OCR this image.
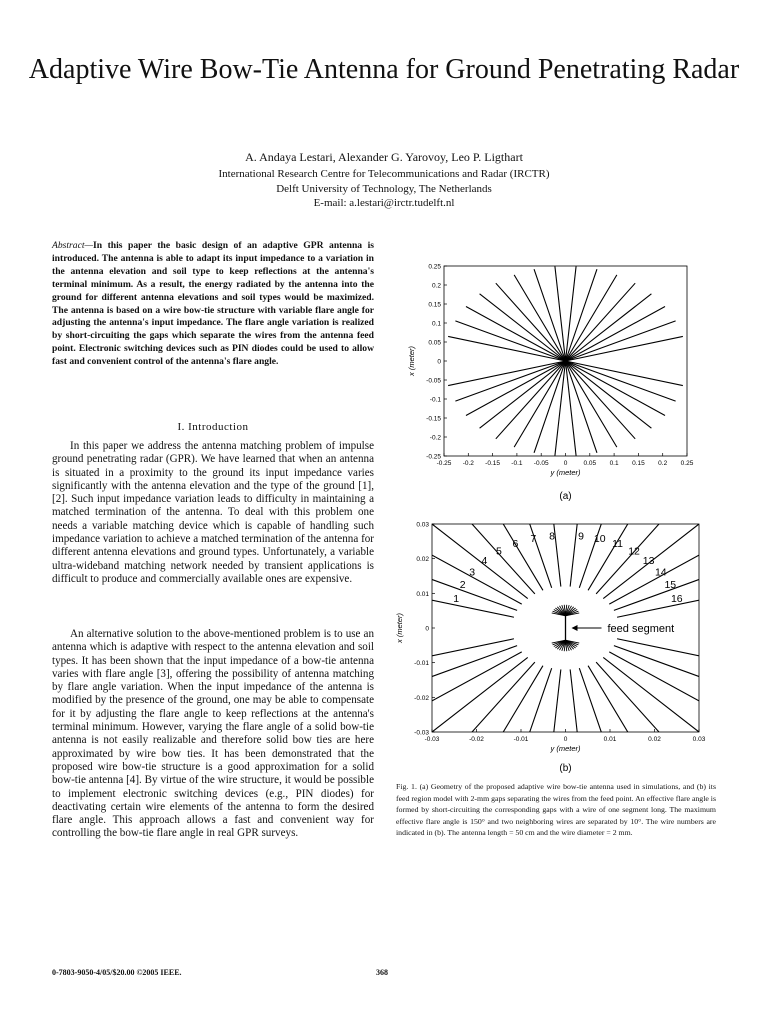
Adaptive Wire Bow-Tie Antenna for Ground Penetrating Radar
A. Andaya Lestari, Alexander G. Yarovoy, Leo P. Ligthart
International Research Centre for Telecommunications and Radar (IRCTR)
Delft University of Technology, The Netherlands
E-mail: a.lestari@irctr.tudelft.nl
Abstract—In this paper the basic design of an adaptive GPR antenna is introduced. The antenna is able to adapt its input impedance to a variation in the antenna elevation and soil type to keep reflections at the antenna's terminal minimum. As a result, the energy radiated by the antenna into the ground for different antenna elevations and soil types would be maximized. The antenna is based on a wire bow-tie structure with variable flare angle for adjusting the antenna's input impedance. The flare angle variation is realized by short-circuiting the gaps which separate the wires from the antenna feed point. Electronic switching devices such as PIN diodes could be used to allow fast and convenient control of the antenna's flare angle.
I. Introduction

In this paper we address the antenna matching problem of impulse ground penetrating radar (GPR). We have learned that when an antenna is situated in a proximity to the ground its input impedance varies significantly with the antenna elevation and the type of the ground [1], [2]. Such input impedance variation leads to difficulty in maintaining a matched termination of the antenna. To deal with this problem one needs a variable matching device which is capable of handling such impedance variation to achieve a matched termination of the antenna for different antenna elevations and ground types. Unfortunately, a variable ultra-wideband matching network needed by transient applications is difficult to produce and commercially available ones are expensive.

An alternative solution to the above-mentioned problem is to use an antenna which is adaptive with respect to the antenna elevation and soil types. It has been shown that the input impedance of a bow-tie antenna varies with flare angle [3], offering the possibility of antenna matching by flare angle variation. When the input impedance of the antenna is modified by the presence of the ground, one may be able to compensate for it by adjusting the flare angle to keep reflections at the antenna's terminal minimum. However, varying the flare angle of a solid bow-tie antenna is not easily realizable and therefore solid bow ties are here approximated by wire bow ties. It has been demonstrated that the proposed wire bow-tie structure is a good approximation for a solid bow-tie antenna [4]. By virtue of the wire structure, it would be possible to implement electronic switching devices (e.g., PIN diodes) for deactivating certain wire elements of the antenna to form the desired flare angle. This approach allows a fast and convenient way for controlling the bow-tie flare angle in real GPR surveys.

-0.25 -0.2 -0.15 -0.1 -0.05 0 0.05 0.1 0.15 0.2 0.25
0.25
0.2
0.15
0.1
0.05
0
-0.05
-0.1
-0.15
-0.2
-0.25
y (meter)
x (meter)
(a)
-0.03	-0.02	-0.01	0	0.01	0.02	0.03
0.03
0.02
0.01
0
-0.01
-0.02
-0.03
y (meter)
x (meter)
(b)
1
2
3
4
5
6 7 8 9 10 11
12
13
14
15
16
feed segment
Fig. 1. (a) Geometry of the proposed adaptive wire bow-tie antenna used in simulations, and (b) its feed region model with 2-mm gaps separating the wires from the feed point. An effective flare angle is formed by short-circuiting the corresponding gaps with a wire of one segment long. The maximum effective flare angle is 150° and two neighboring wires are separated by 10°. The wire numbers are indicated in (b). The antenna length = 50 cm and the wire diameter = 2 mm.
0-7803-9050-4/05/$20.00 ©2005 IEEE.	368
